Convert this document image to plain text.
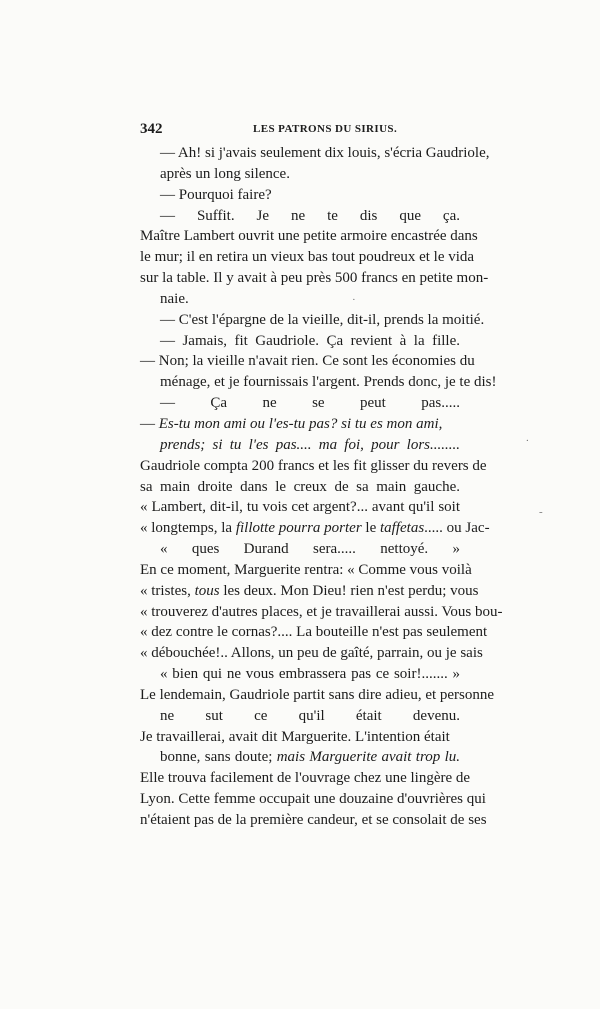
342	LES PATRONS DU SIRIUS.
— Ah! si j'avais seulement dix louis, s'écria Gaudriole,
après un long silence.
— Pourquoi faire?
— Suffit. Je ne te dis que ça.
Maître Lambert ouvrit une petite armoire encastrée dans
le mur; il en retira un vieux bas tout poudreux et le vida
sur la table. Il y avait à peu près 500 francs en petite mon-
naie.
— C'est l'épargne de la vieille, dit-il, prends la moitié.
— Jamais, fit Gaudriole. Ça revient à la fille.
— Non; la vieille n'avait rien. Ce sont les économies du
ménage, et je fournissais l'argent. Prends donc, je te dis!
— Ça ne se peut pas.....
— Es-tu mon ami ou l'es-tu pas? si tu es mon ami,
prends; si tu l'es pas.... ma foi, pour lors........
Gaudriole compta 200 francs et les fit glisser du revers de
sa main droite dans le creux de sa main gauche.
« Lambert, dit-il, tu vois cet argent?... avant qu'il soit
« longtemps, la fillotte pourra porter le taffetas..... ou Jac-
« ques Durand sera..... nettoyé. »
En ce moment, Marguerite rentra: « Comme vous voilà
« tristes, tous les deux. Mon Dieu! rien n'est perdu; vous
« trouverez d'autres places, et je travaillerai aussi. Vous bou-
« dez contre le cornas?.... La bouteille n'est pas seulement
« débouchée!.. Allons, un peu de gaîté, parrain, ou je sais
« bien qui ne vous embrassera pas ce soir!....... »
Le lendemain, Gaudriole partit sans dire adieu, et personne
ne sut ce qu'il était devenu.
Je travaillerai, avait dit Marguerite. L'intention était
bonne, sans doute; mais Marguerite avait trop lu.
Elle trouva facilement de l'ouvrage chez une lingère de
Lyon. Cette femme occupait une douzaine d'ouvrières qui
n'étaient pas de la première candeur, et se consolait de ses
·
-
.
